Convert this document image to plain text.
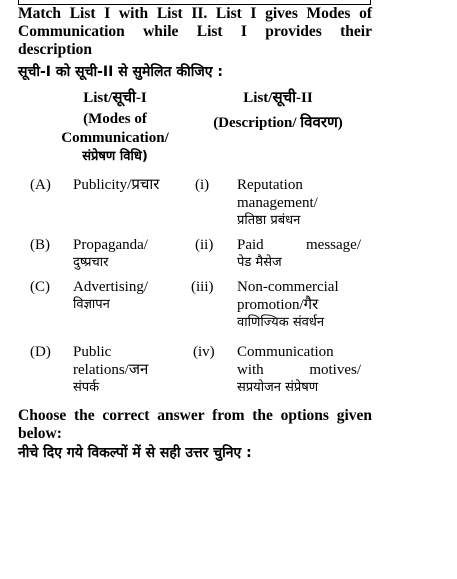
Match List I with List II. List I gives Modes of Communication while List I provides their description
सूची-I को सूची-II से सुमेलित कीजिए :
List/सूची-I
(Modes of Communication/
संप्रेषण विधि)
List/सूची-II
(Description/ विवरण)
(A) Publicity/प्रचार	(i) Reputation
management/
प्रतिष्ठा प्रबंधन
(B) Propaganda/
दुष्प्रचार
(ii) Paid message/
पेड मैसेज
(C) Advertising/
विज्ञापन
(iii) Non-commercial
promotion/गैर
वाणिज्यिक संवर्धन
(D) Public
relations/जन
संपर्क
(iv) Communication
with motives/
सप्रयोजन संप्रेषण
Choose the correct answer from the options given below:
नीचे दिए गये विकल्पों में से सही उत्तर चुनिए :
